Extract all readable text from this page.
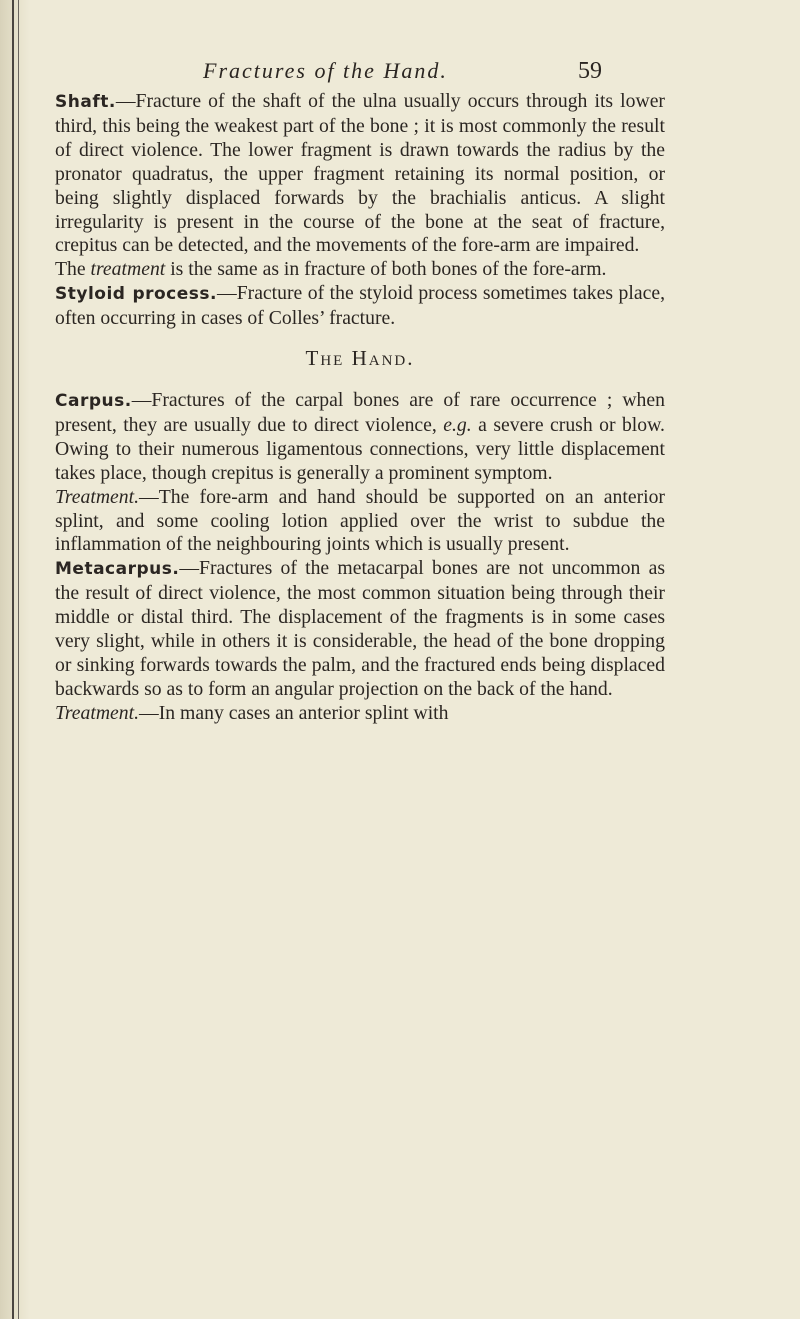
Fractures of the Hand.	59

Shaft.—Fracture of the shaft of the ulna usually occurs through its lower third, this being the weakest part of the bone ; it is most commonly the result of direct violence. The lower fragment is drawn towards the radius by the pronator quadratus, the upper fragment retaining its normal position, or being slightly displaced forwards by the brachialis anticus. A slight irregularity is present in the course of the bone at the seat of fracture, crepitus can be detected, and the movements of the fore-arm are impaired.

The treatment is the same as in fracture of both bones of the fore-arm.

Styloid process.—Fracture of the styloid process sometimes takes place, often occurring in cases of Colles’ fracture.

The Hand.

Carpus.—Fractures of the carpal bones are of rare occurrence ; when present, they are usually due to direct violence, e.g. a severe crush or blow. Owing to their numerous ligamentous connections, very little displacement takes place, though crepitus is generally a prominent symptom.

Treatment.—The fore-arm and hand should be supported on an anterior splint, and some cooling lotion applied over the wrist to subdue the inflammation of the neighbouring joints which is usually present.

Metacarpus.—Fractures of the metacarpal bones are not uncommon as the result of direct violence, the most common situation being through their middle or distal third. The displacement of the fragments is in some cases very slight, while in others it is considerable, the head of the bone dropping or sinking forwards towards the palm, and the fractured ends being displaced backwards so as to form an angular projection on the back of the hand.

Treatment.—In many cases an anterior splint with
